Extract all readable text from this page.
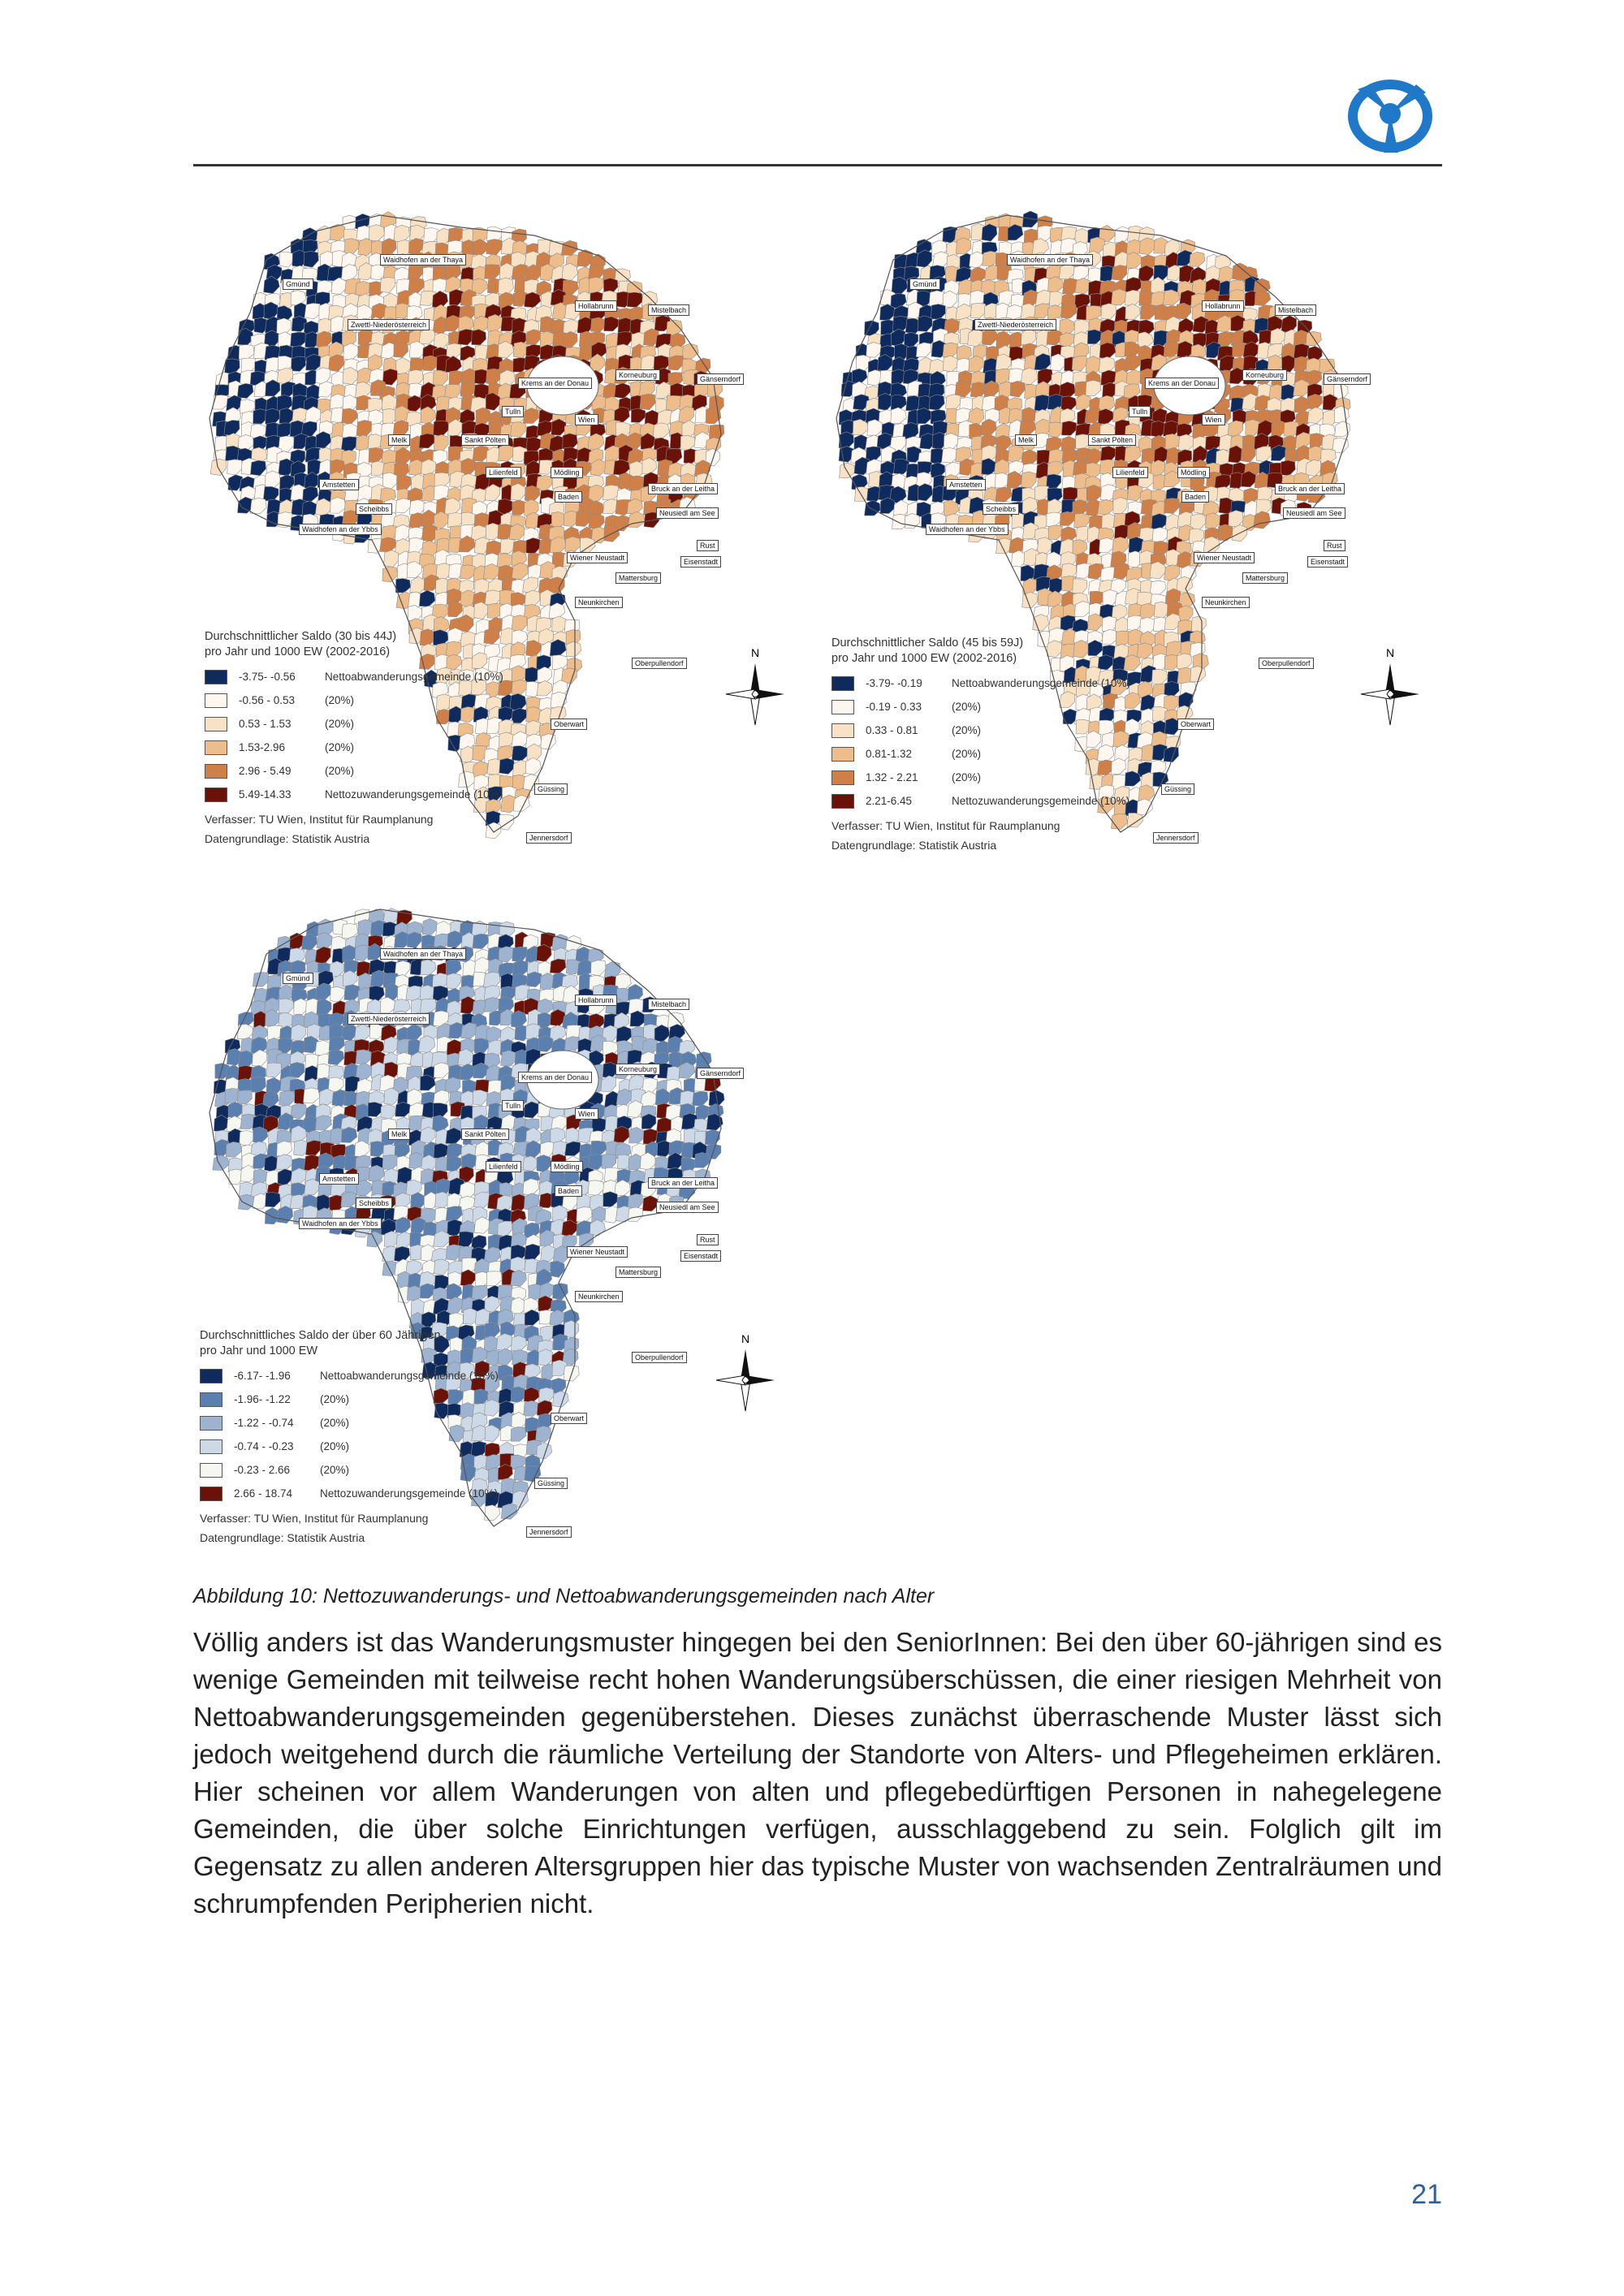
Durchschnittlicher Saldo (30 bis 44J)
pro Jahr und 1000 EW (2002-2016)
-3.75- -0.56	Nettoabwanderungsgemeinde (10%)
-0.56 - 0.53	(20%)
0.53 - 1.53	(20%)
1.53-2.96	(20%)
2.96 - 5.49	(20%)
5.49-14.33	Nettozuwanderungsgemeinde (10%)
Verfasser: TU Wien, Institut für Raumplanung
Datengrundlage: Statistik Austria
N
Waidhofen an der Thaya
Gmünd
Zwettl-Niederösterreich
Mistelbach
Hollabrunn
Krems an der Donau
Korneuburg	Gänserndorf
Wien
Melk	Sankt Pölten
Tulln
Amstetten
Scheibbs
Lilienfeld	Mödling
Baden
Bruck an der Leitha
Neusiedl am See
Waidhofen an der Ybbs
Wiener Neustadt
Mattersburg
Eisenstadt
Rust
Neunkirchen
Oberpullendorf
Oberwart
Güssing
Jennersdorf
Durchschnittlicher Saldo (45 bis 59J)
pro Jahr und 1000 EW (2002-2016)
-3.79- -0.19	Nettoabwanderungsgemeinde (10%)
-0.19 - 0.33	(20%)
0.33 - 0.81	(20%)
0.81-1.32	(20%)
1.32 - 2.21	(20%)
2.21-6.45	Nettozuwanderungsgemeinde (10%)
Verfasser: TU Wien, Institut für Raumplanung
Datengrundlage: Statistik Austria
N
Waidhofen an der Thaya
Gmünd
Zwettl-Niederösterreich
Mistelbach
Hollabrunn
Krems an der Donau
Korneuburg	Gänserndorf
Wien
Melk	Sankt Pölten
Tulln
Amstetten
Scheibbs
Lilienfeld	Mödling
Baden
Bruck an der Leitha
Neusiedl am See
Waidhofen an der Ybbs
Wiener Neustadt
Mattersburg
Eisenstadt
Rust
Neunkirchen
Oberpullendorf
Oberwart
Güssing
Jennersdorf
Durchschnittliches Saldo der über 60 Jährigen
pro Jahr und 1000 EW
-6.17- -1.96	Nettoabwanderungsgemeinde (10%)
-1.96- -1.22	(20%)
-1.22 - -0.74	(20%)
-0.74 - -0.23	(20%)
-0.23 - 2.66	(20%)
2.66 - 18.74	Nettozuwanderungsgemeinde (10%)
Verfasser: TU Wien, Institut für Raumplanung
Datengrundlage: Statistik Austria
N
Waidhofen an der Thaya
Gmünd
Zwettl-Niederösterreich
Mistelbach
Hollabrunn
Krems an der Donau
Korneuburg	Gänserndorf
Wien
Melk	Sankt Pölten
Tulln
Amstetten
Scheibbs
Lilienfeld	Mödling
Baden
Bruck an der Leitha
Neusiedl am See
Waidhofen an der Ybbs
Wiener Neustadt
Mattersburg
Eisenstadt
Rust
Neunkirchen
Oberpullendorf
Oberwart
Güssing
Jennersdorf
Abbildung 10: Nettozuwanderungs- und Nettoabwanderungsgemeinden nach Alter
Völlig anders ist das Wanderungsmuster hingegen bei den SeniorInnen: Bei den über 60-jährigen sind es wenige Gemeinden mit teilweise recht hohen Wanderungsüberschüssen, die einer riesigen Mehrheit von Nettoabwanderungsgemeinden gegenüberstehen. Dieses zunächst überraschende Muster lässt sich jedoch weitgehend durch die räumliche Verteilung der Standorte von Alters- und Pflegeheimen erklären. Hier scheinen vor allem Wanderungen von alten und pflegebedürftigen Personen in nahegelegene Gemeinden, die über solche Einrichtungen verfügen, ausschlaggebend zu sein. Folglich gilt im Gegensatz zu allen anderen Altersgruppen hier das typische Muster von wachsenden Zentralräumen und schrumpfenden Peripherien nicht.
21
